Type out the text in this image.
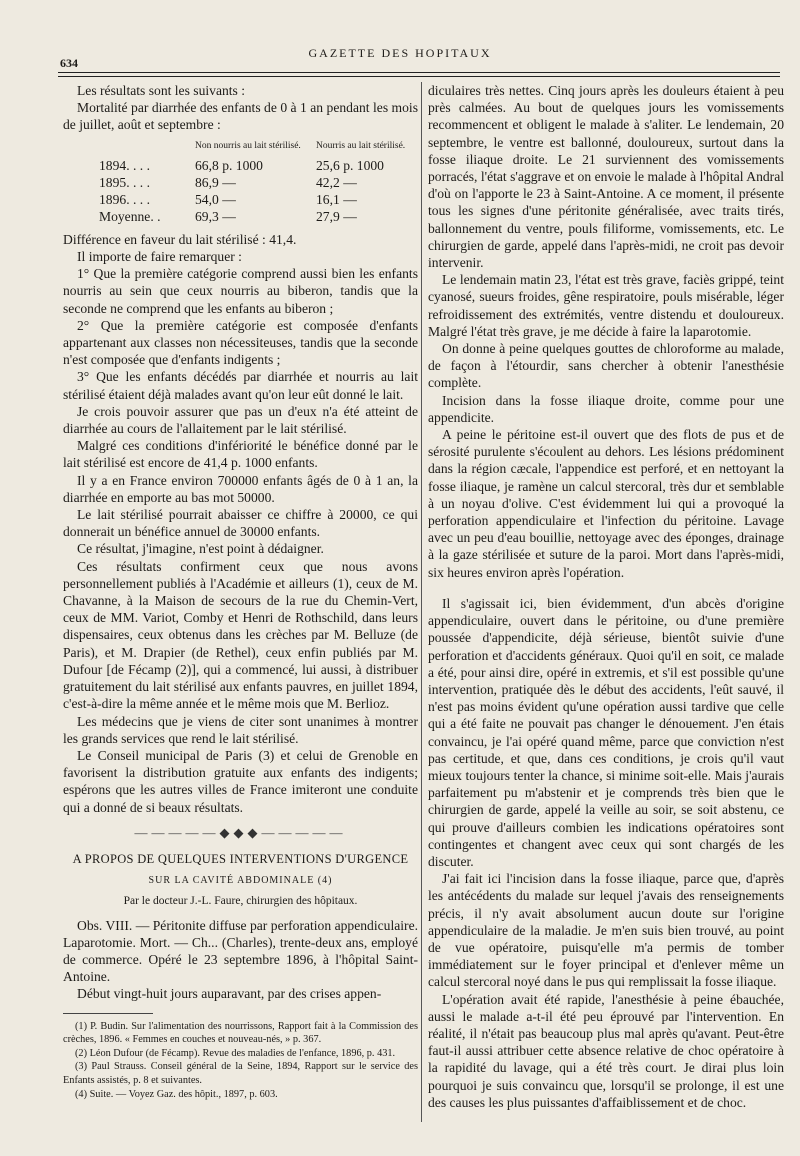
634
GAZETTE DES HOPITAUX

Les résultats sont les suivants :

Mortalité par diarrhée des enfants de 0 à 1 an pendant les mois de juillet, août et septembre :

	Non nourris au lait stérilisé.	Nourris au lait stérilisé.
1894. . . .	66,8 p. 1000	25,6 p. 1000
1895. . . .	86,9 —	42,2 —
1896. . . .	54,0 —	16,1 —
Moyenne. .	69,3 —	27,9 —

Différence en faveur du lait stérilisé : 41,4.

Il importe de faire remarquer :

1° Que la première catégorie comprend aussi bien les enfants nourris au sein que ceux nourris au biberon, tandis que la seconde ne comprend que les enfants au biberon ;

2° Que la première catégorie est composée d'enfants appartenant aux classes non nécessiteuses, tandis que la seconde n'est composée que d'enfants indigents ;

3° Que les enfants décédés par diarrhée et nourris au lait stérilisé étaient déjà malades avant qu'on leur eût donné le lait.

Je crois pouvoir assurer que pas un d'eux n'a été atteint de diarrhée au cours de l'allaitement par le lait stérilisé.

Malgré ces conditions d'infériorité le bénéfice donné par le lait stérilisé est encore de 41,4 p. 1000 enfants.

Il y a en France environ 700000 enfants âgés de 0 à 1 an, la diarrhée en emporte au bas mot 50000.

Le lait stérilisé pourrait abaisser ce chiffre à 20000, ce qui donnerait un bénéfice annuel de 30000 enfants.

Ce résultat, j'imagine, n'est point à dédaigner.

Ces résultats confirment ceux que nous avons personnellement publiés à l'Académie et ailleurs (1), ceux de M. Chavanne, à la Maison de secours de la rue du Chemin-Vert, ceux de MM. Variot, Comby et Henri de Rothschild, dans leurs dispensaires, ceux obtenus dans les crèches par M. Belluze (de Paris), et M. Drapier (de Rethel), ceux enfin publiés par M. Dufour [de Fécamp (2)], qui a commencé, lui aussi, à distribuer gratuitement du lait stérilisé aux enfants pauvres, en juillet 1894, c'est-à-dire la même année et le même mois que M. Berlioz.

Les médecins que je viens de citer sont unanimes à montrer les grands services que rend le lait stérilisé.

Le Conseil municipal de Paris (3) et celui de Grenoble en favorisent la distribution gratuite aux enfants des indigents; espérons que les autres villes de France imiteront une conduite qui a donné de si beaux résultats.

—————◆◆◆—————
A PROPOS DE QUELQUES INTERVENTIONS D'URGENCE
SUR LA CAVITÉ ABDOMINALE (4)
Par le docteur J.-L. Faure, chirurgien des hôpitaux.

Obs. VIII. — Péritonite diffuse par perforation appendiculaire. Laparotomie. Mort. — Ch... (Charles), trente-deux ans, employé de commerce. Opéré le 23 septembre 1896, à l'hôpital Saint-Antoine.

Début vingt-huit jours auparavant, par des crises appen-

(1) P. Budin. Sur l'alimentation des nourrissons, Rapport fait à la Commission des crèches, 1896. « Femmes en couches et nouveau-nés, » p. 367.

(2) Léon Dufour (de Fécamp). Revue des maladies de l'enfance, 1896, p. 431.

(3) Paul Strauss. Conseil général de la Seine, 1894, Rapport sur le service des Enfants assistés, p. 8 et suivantes.

(4) Suite. — Voyez Gaz. des hôpit., 1897, p. 603.

diculaires très nettes. Cinq jours après les douleurs étaient à peu près calmées. Au bout de quelques jours les vomissements recommencent et obligent le malade à s'aliter. Le lendemain, 20 septembre, le ventre est ballonné, douloureux, surtout dans la fosse iliaque droite. Le 21 surviennent des vomissements porracés, l'état s'aggrave et on envoie le malade à l'hôpital Andral d'où on l'apporte le 23 à Saint-Antoine. A ce moment, il présente tous les signes d'une péritonite généralisée, avec traits tirés, ballonnement du ventre, pouls filiforme, vomissements, etc. Le chirurgien de garde, appelé dans l'après-midi, ne croit pas devoir intervenir.

Le lendemain matin 23, l'état est très grave, faciès grippé, teint cyanosé, sueurs froides, gêne respiratoire, pouls misérable, léger refroidissement des extrémités, ventre distendu et douloureux. Malgré l'état très grave, je me décide à faire la laparotomie.

On donne à peine quelques gouttes de chloroforme au malade, de façon à l'étourdir, sans chercher à obtenir l'anesthésie complète.

Incision dans la fosse iliaque droite, comme pour une appendicite.

A peine le péritoine est-il ouvert que des flots de pus et de sérosité purulente s'écoulent au dehors. Les lésions prédominent dans la région cæcale, l'appendice est perforé, et en nettoyant la fosse iliaque, je ramène un calcul stercoral, très dur et semblable à un noyau d'olive. C'est évidemment lui qui a provoqué la perforation appendiculaire et l'infection du péritoine. Lavage avec un peu d'eau bouillie, nettoyage avec des éponges, drainage à la gaze stérilisée et suture de la paroi. Mort dans l'après-midi, six heures environ après l'opération.

Il s'agissait ici, bien évidemment, d'un abcès d'origine appendiculaire, ouvert dans le péritoine, ou d'une première poussée d'appendicite, déjà sérieuse, bientôt suivie d'une perforation et d'accidents généraux. Quoi qu'il en soit, ce malade a été, pour ainsi dire, opéré in extremis, et s'il est possible qu'une intervention, pratiquée dès le début des accidents, l'eût sauvé, il n'est pas moins évident qu'une opération aussi tardive que celle qui a été faite ne pouvait pas changer le dénouement. J'en étais convaincu, je l'ai opéré quand même, parce que conviction n'est pas certitude, et que, dans ces conditions, je crois qu'il vaut mieux toujours tenter la chance, si minime soit-elle. Mais j'aurais parfaitement pu m'abstenir et je comprends très bien que le chirurgien de garde, appelé la veille au soir, se soit abstenu, ce qui prouve d'ailleurs combien les indications opératoires sont contingentes et changent avec ceux qui sont chargés de les discuter.

J'ai fait ici l'incision dans la fosse iliaque, parce que, d'après les antécédents du malade sur lequel j'avais des renseignements précis, il n'y avait absolument aucun doute sur l'origine appendiculaire de la maladie. Je m'en suis bien trouvé, au point de vue opératoire, puisqu'elle m'a permis de tomber immédiatement sur le foyer principal et d'enlever même un calcul stercoral noyé dans le pus qui remplissait la fosse iliaque.

L'opération avait été rapide, l'anesthésie à peine ébauchée, aussi le malade a-t-il été peu éprouvé par l'intervention. En réalité, il n'était pas beaucoup plus mal après qu'avant. Peut-être faut-il aussi attribuer cette absence relative de choc opératoire à la rapidité du lavage, qui a été très court. Je dirai plus loin pourquoi je suis convaincu que, lorsqu'il se prolonge, il est une des causes les plus puissantes d'affaiblissement et de choc.
